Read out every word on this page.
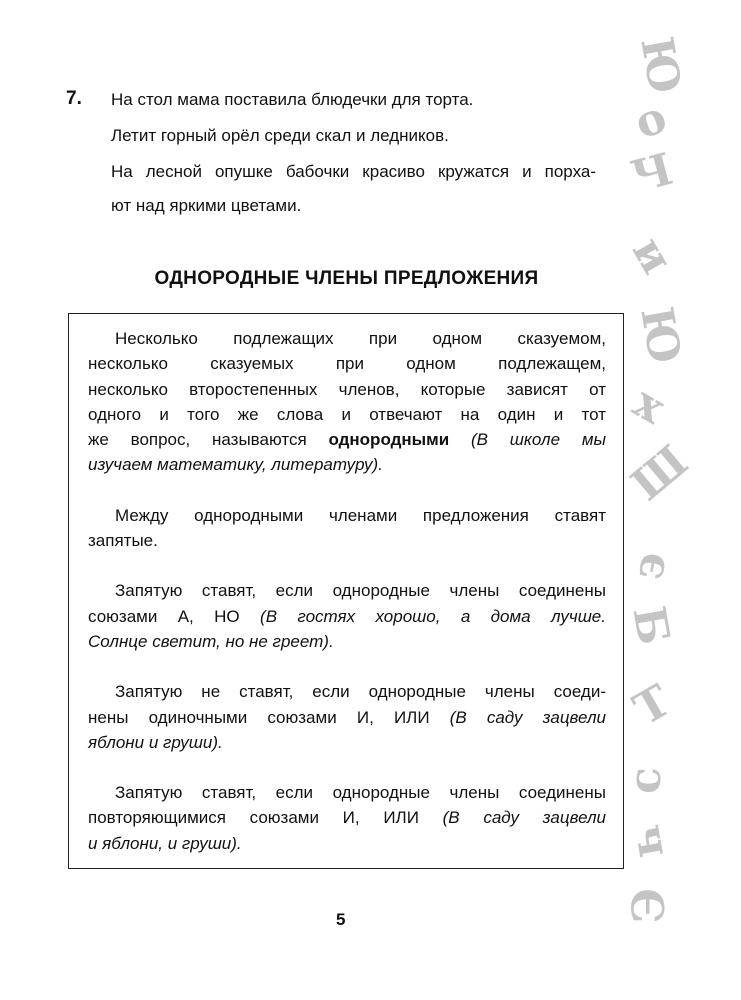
7. На стол мама поставила блюдечки для торта.
Летит горный орёл среди скал и ледников.
На лесной опушке бабочки красиво кружатся и порха-
ют над яркими цветами.
ОДНОРОДНЫЕ ЧЛЕНЫ ПРЕДЛОЖЕНИЯ
Несколько подлежащих при одном сказуемом,
несколько сказуемых при одном подлежащем,
несколько второстепенных членов, которые зависят от
одного и того же слова и отвечают на один и тот
же вопрос, называются однородными (В школе мы
изучаем математику, литературу).
Между однородными членами предложения ставят
запятые.
Запятую ставят, если однородные члены соединены
союзами А, НО (В гостях хорошо, а дома лучше.
Солнце светит, но не греет).
Запятую не ставят, если однородные члены соеди-
нены одиночными союзами И, ИЛИ (В саду зацвели
яблони и груши).
Запятую ставят, если однородные члены соединены
повторяющимися союзами И, ИЛИ (В саду зацвели
и яблони, и груши).
5
Ю
о
Ч
и
Ю
х
Ш
э
Б
Т
с
ч
Э
